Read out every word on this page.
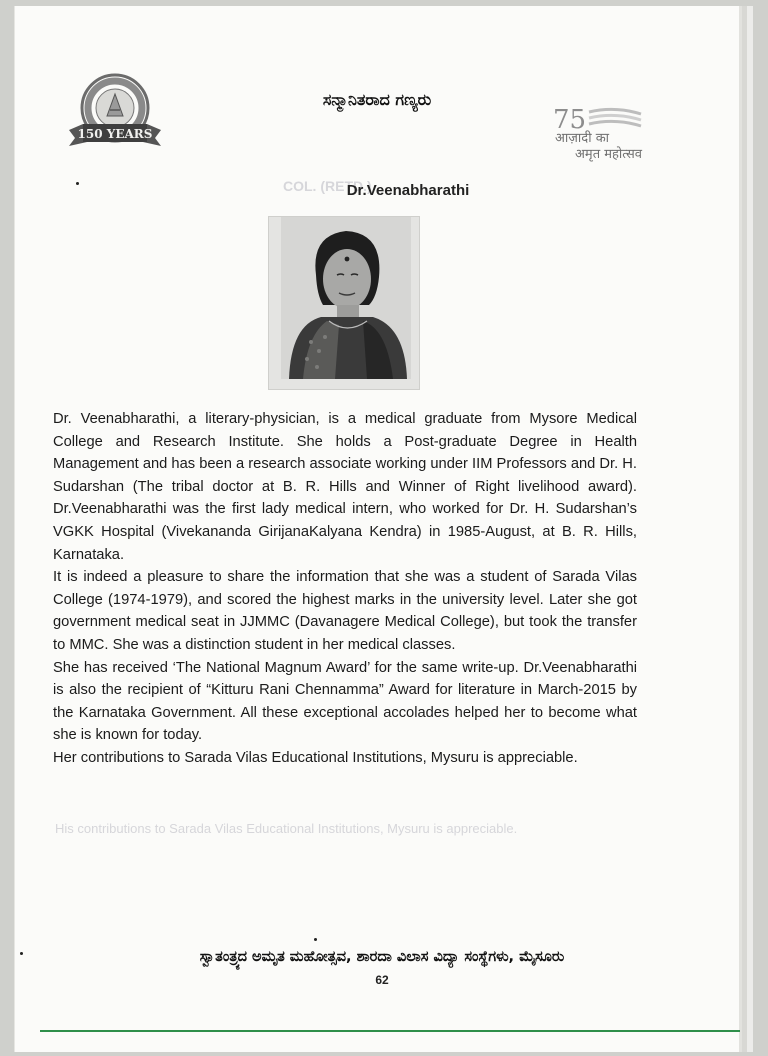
COL. (RETD.)
His contributions to Sarada Vilas Educational Institutions, Mysuru is appreciable.
150 YEARS	75
आज़ादी का
अमृत महोत्सव
ಸನ್ಮಾನಿತರಾದ ಗಣ್ಯರು
Dr.Veenabharathi

Dr. Veenabharathi, a literary-physician, is a medical graduate from Mysore Medical College and Research Institute. She holds a Post-graduate Degree in Health Management and has been a research associate working under IIM Professors and Dr. H. Sudarshan (The tribal doctor at B. R. Hills and Winner of Right livelihood award). Dr.Veenabharathi was the first lady medical intern, who worked for Dr. H. Sudarshan’s VGKK Hospital (Vivekananda GirijanaKalyana Kendra) in 1985-August, at B. R. Hills, Karnataka.

It is indeed a pleasure to share the information that she was a student of Sarada Vilas College (1974-1979), and scored the highest marks in the university level. Later she got government medical seat in JJMMC (Davanagere Medical College), but took the transfer to MMC. She was a distinction student in her medical classes.

She has received ‘The National Magnum Award’ for the same write-up. Dr.Veenabharathi is also the recipient of “Kitturu Rani Chennamma” Award for literature in March-2015 by the Karnataka Government. All these exceptional accolades helped her to become what she is known for today.

Her contributions to Sarada Vilas Educational Institutions, Mysuru is appreciable.

ಸ್ವಾತಂತ್ರ್ಯದ ಅಮೃತ ಮಹೋತ್ಸವ, ಶಾರದಾ ವಿಲಾಸ ವಿದ್ಯಾ ಸಂಸ್ಥೆಗಳು, ಮೈಸೂರು
62
